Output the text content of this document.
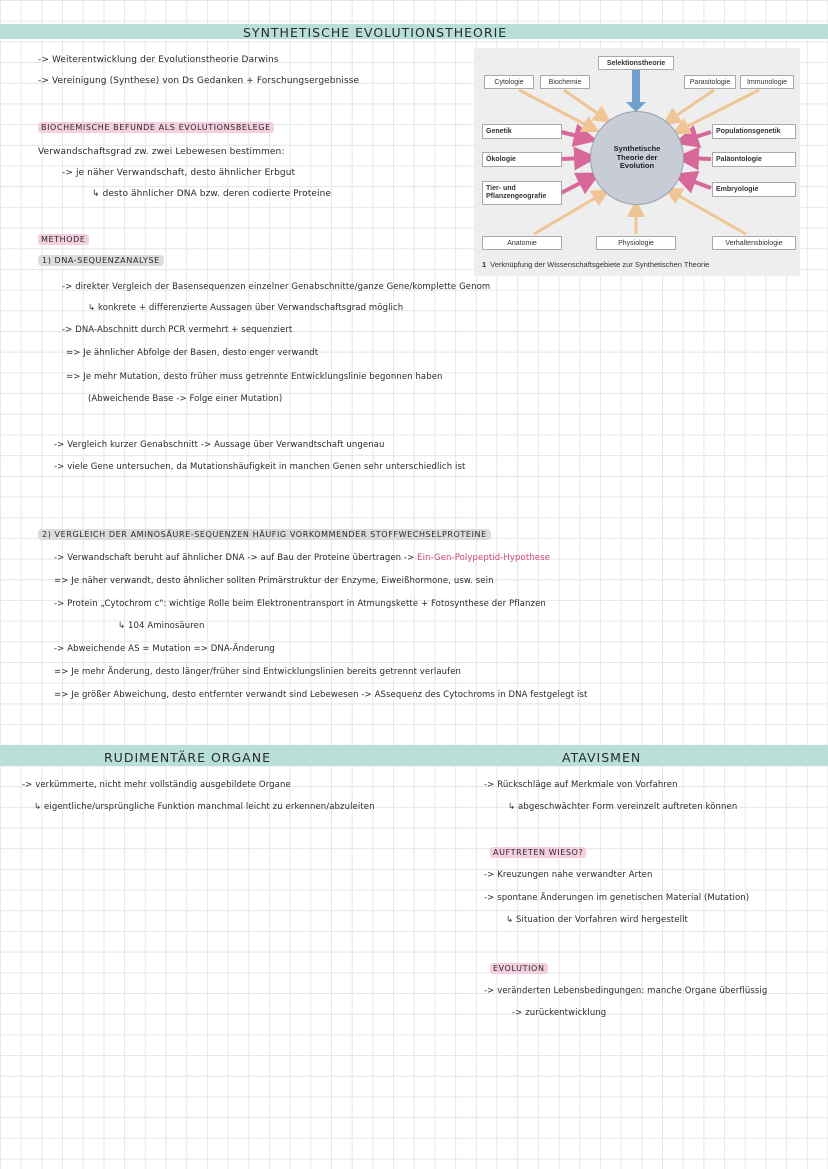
SYNTHETISCHE EVOLUTIONSTHEORIE
-> Weiterentwicklung der Evolutionstheorie Darwins
-> Vereinigung (Synthese) von Ds Gedanken + Forschungsergebnisse
BIOCHEMISCHE BEFUNDE ALS EVOLUTIONSBELEGE
Verwandschaftsgrad zw. zwei Lebewesen bestimmen:
-> je näher Verwandschaft, desto ähnlicher Erbgut
↳ desto ähnlicher DNA bzw. deren codierte Proteine
METHODE
1) DNA-SEQUENZANALYSE
-> direkter Vergleich der Basensequenzen einzelner Genabschnitte/ganze Gene/komplette Genom
↳ konkrete + differenzierte Aussagen über Verwandschaftsgrad möglich
-> DNA-Abschnitt durch PCR vermehrt + sequenziert
=> Je ähnlicher Abfolge der Basen, desto enger verwandt
=> Je mehr Mutation, desto früher muss getrennte Entwicklungslinie begonnen haben
(Abweichende Base -> Folge einer Mutation)
-> Vergleich kurzer Genabschnitt -> Aussage über Verwandtschaft ungenau
-> viele Gene untersuchen, da Mutationshäufigkeit in manchen Genen sehr unterschiedlich ist
2) VERGLEICH DER AMINOSÄURE-SEQUENZEN HÄUFIG VORKOMMENDER STOFFWECHSELPROTEINE
-> Verwandschaft beruht auf ähnlicher DNA -> auf Bau der Proteine übertragen -> Ein-Gen-Polypeptid-Hypothese
=> Je näher verwandt, desto ähnlicher sollten Primärstruktur der Enzyme, Eiweißhormone, usw. sein
-> Protein „Cytochrom c": wichtige Rolle beim Elektronentransport in Atmungskette + Fotosynthese der Pflanzen
↳ 104 Aminosäuren
-> Abweichende AS = Mutation => DNA-Änderung
=> Je mehr Änderung, desto länger/früher sind Entwicklungslinien bereits getrennt verlaufen
=> Je größer Abweichung, desto entfernter verwandt sind Lebewesen -> ASsequenz des Cytochroms in DNA festgelegt ist
RUDIMENTÄRE ORGANE	ATAVISMEN
-> verkümmerte, nicht mehr vollständig ausgebildete Organe
↳ eigentliche/ursprüngliche Funktion manchmal leicht zu erkennen/abzuleiten
-> Rückschläge auf Merkmale von Vorfahren
↳ abgeschwächter Form vereinzelt auftreten können
AUFTRETEN WIESO?
-> Kreuzungen nahe verwandter Arten
-> spontane Änderungen im genetischen Material (Mutation)
↳ Situation der Vorfahren wird hergestellt
EVOLUTION
-> veränderten Lebensbedingungen: manche Organe überflüssig
-> zurückentwicklung
Selektionstheorie
Cytologie	Biochemie	Parasitologie	Immunologie
Genetik
Ökologie
Tier- und Pflanzengeografie
Populationsgenetik
Paläontologie
Embryologie
Synthetische Theorie der Evolution
Anatomie	Physiologie	Verhaltensbiologie
1 Verknüpfung der Wissenschaftsgebiete zur Synthetischen Theorie
